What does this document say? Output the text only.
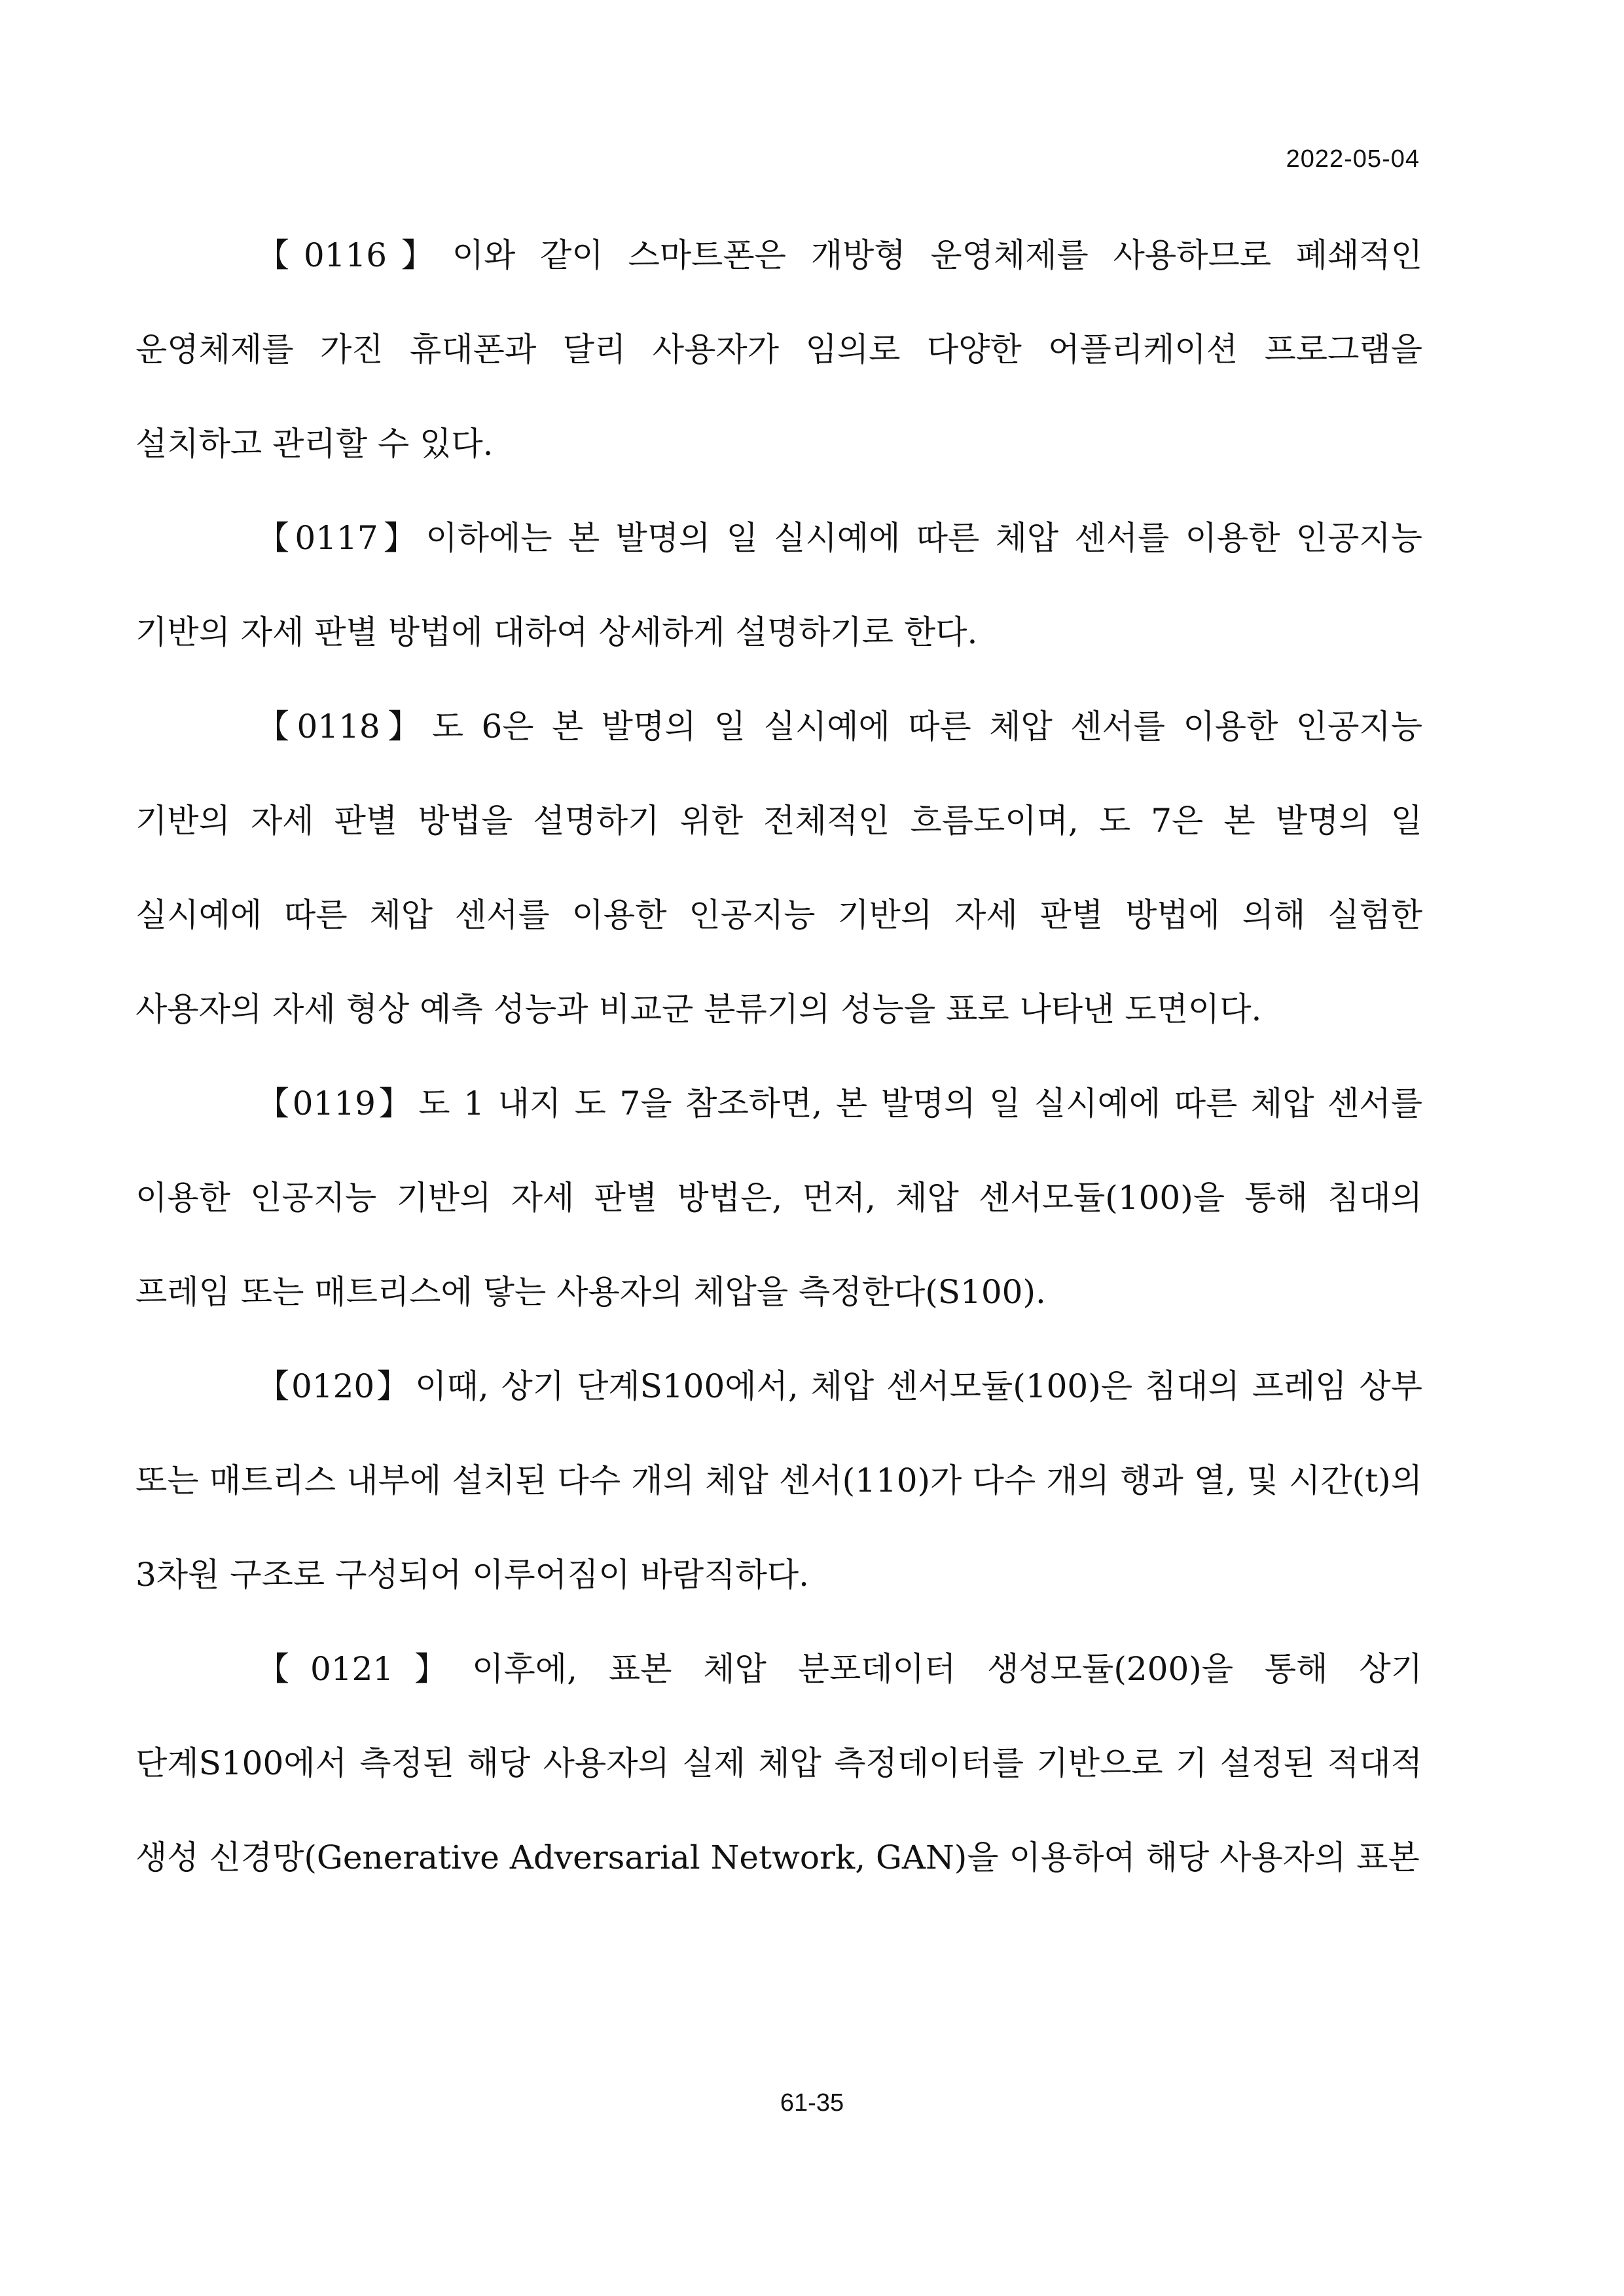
2022-05-04

【0116】 이와 같이 스마트폰은 개방형 운영체제를 사용하므로 폐쇄적인 운영체제를 가진 휴대폰과 달리 사용자가 임의로 다양한 어플리케이션 프로그램을 설치하고 관리할 수 있다.

【0117】 이하에는 본 발명의 일 실시예에 따른 체압 센서를 이용한 인공지능 기반의 자세 판별 방법에 대하여 상세하게 설명하기로 한다.

【0118】 도 6은 본 발명의 일 실시예에 따른 체압 센서를 이용한 인공지능 기반의 자세 판별 방법을 설명하기 위한 전체적인 흐름도이며, 도 7은 본 발명의 일 실시예에 따른 체압 센서를 이용한 인공지능 기반의 자세 판별 방법에 의해 실험한 사용자의 자세 형상 예측 성능과 비교군 분류기의 성능을 표로 나타낸 도면이다.

【0119】 도 1 내지 도 7을 참조하면, 본 발명의 일 실시예에 따른 체압 센서를 이용한 인공지능 기반의 자세 판별 방법은, 먼저, 체압 센서모듈(100)을 통해 침대의 프레임 또는 매트리스에 닿는 사용자의 체압을 측정한다(S100).

【0120】 이때, 상기 단계S100에서, 체압 센서모듈(100)은 침대의 프레임 상부 또는 매트리스 내부에 설치된 다수 개의 체압 센서(110)가 다수 개의 행과 열, 및 시간(t)의 3차원 구조로 구성되어 이루어짐이 바람직하다.

【0121】 이후에, 표본 체압 분포데이터 생성모듈(200)을 통해 상기 단계S100에서 측정된 해당 사용자의 실제 체압 측정데이터를 기반으로 기 설정된 적대적 생성 신경망(Generative Adversarial Network, GAN)을 이용하여 해당 사용자의 표본

61-35
